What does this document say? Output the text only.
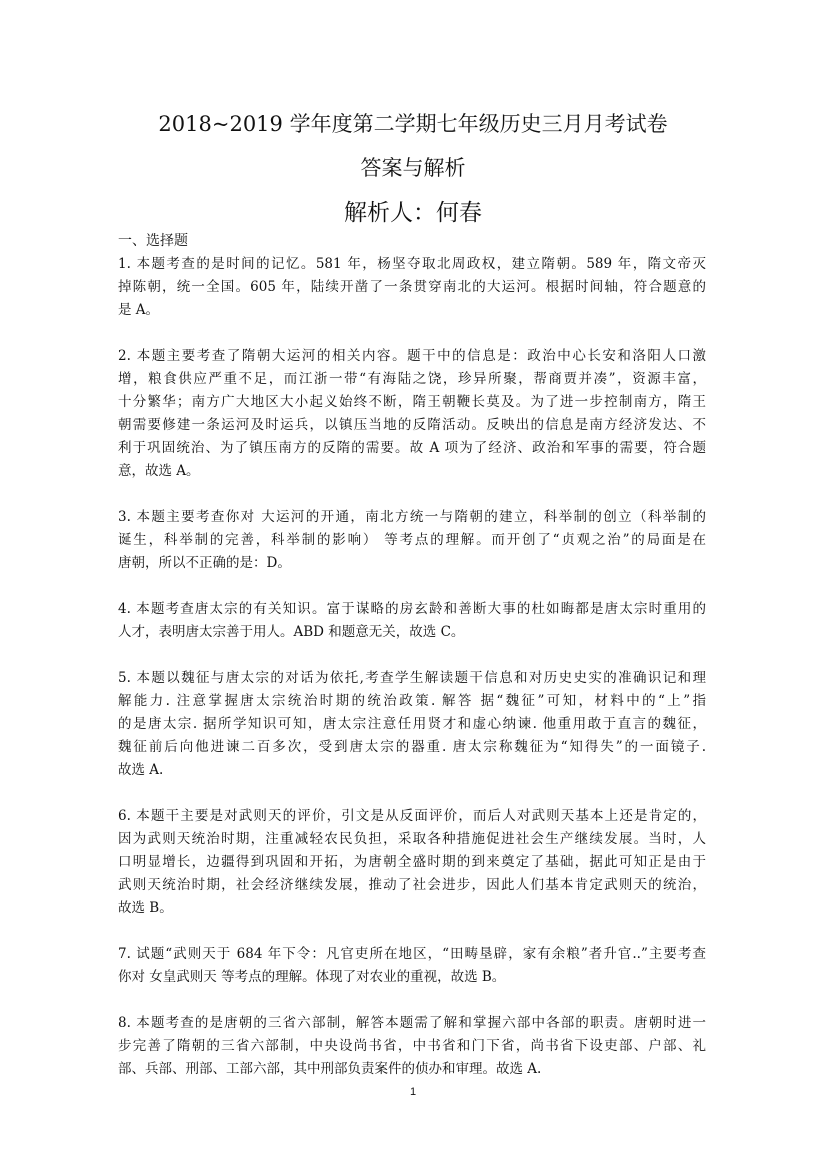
2018~2019 学年度第二学期七年级历史三月月考试卷
答案与解析
解析人：何春
一、选择题
1. 本题考查的是时间的记忆。581 年，杨坚夺取北周政权，建立隋朝。589 年，隋文帝灭
掉陈朝，统一全国。605 年，陆续开凿了一条贯穿南北的大运河。根据时间轴，符合题意的
是 A。
2. 本题主要考查了隋朝大运河的相关内容。题干中的信息是：政治中心长安和洛阳人口激
增，粮食供应严重不足，而江浙一带“有海陆之饶，珍异所聚，帮商贾并凑”，资源丰富，
十分繁华；南方广大地区大小起义始终不断，隋王朝鞭长莫及。为了进一步控制南方，隋王
朝需要修建一条运河及时运兵，以镇压当地的反隋活动。反映出的信息是南方经济发达、不
利于巩固统治、为了镇压南方的反隋的需要。故 A 项为了经济、政治和军事的需要，符合题
意，故选 A。
3. 本题主要考查你对 大运河的开通，南北方统一与隋朝的建立，科举制的创立（科举制的
诞生，科举制的完善，科举制的影响） 等考点的理解。而开创了“贞观之治”的局面是在
唐朝，所以不正确的是：D。
4. 本题考查唐太宗的有关知识。富于谋略的房玄龄和善断大事的杜如晦都是唐太宗时重用的
人才，表明唐太宗善于用人。ABD 和题意无关，故选 C。
5. 本题以魏征与唐太宗的对话为依托,考查学生解读题干信息和对历史史实的准确识记和理
解能力. 注意掌握唐太宗统治时期的统治政策. 解答 据“魏征”可知，材料中的“上”指
的是唐太宗. 据所学知识可知，唐太宗注意任用贤才和虚心纳谏. 他重用敢于直言的魏征，
魏征前后向他进谏二百多次，受到唐太宗的器重. 唐太宗称魏征为“知得失”的一面镜子.
故选 A.
6. 本题干主要是对武则天的评价，引文是从反面评价，而后人对武则天基本上还是肯定的，
因为武则天统治时期，注重减轻农民负担，采取各种措施促进社会生产继续发展。当时，人
口明显增长，边疆得到巩固和开拓，为唐朝全盛时期的到来奠定了基础，据此可知正是由于
武则天统治时期，社会经济继续发展，推动了社会进步，因此人们基本肯定武则天的统治，
故选 B。
7. 试题“武则天于 684 年下令：凡官吏所在地区，“田畴垦辟，家有余粮”者升官..”主要考查
你对 女皇武则天 等考点的理解。体现了对农业的重视，故选 B。
8. 本题考查的是唐朝的三省六部制，解答本题需了解和掌握六部中各部的职责。唐朝时进一
步完善了隋朝的三省六部制，中央设尚书省，中书省和门下省，尚书省下设吏部、户部、礼
部、兵部、刑部、工部六部，其中刑部负责案件的侦办和审理。故选 A.
1
